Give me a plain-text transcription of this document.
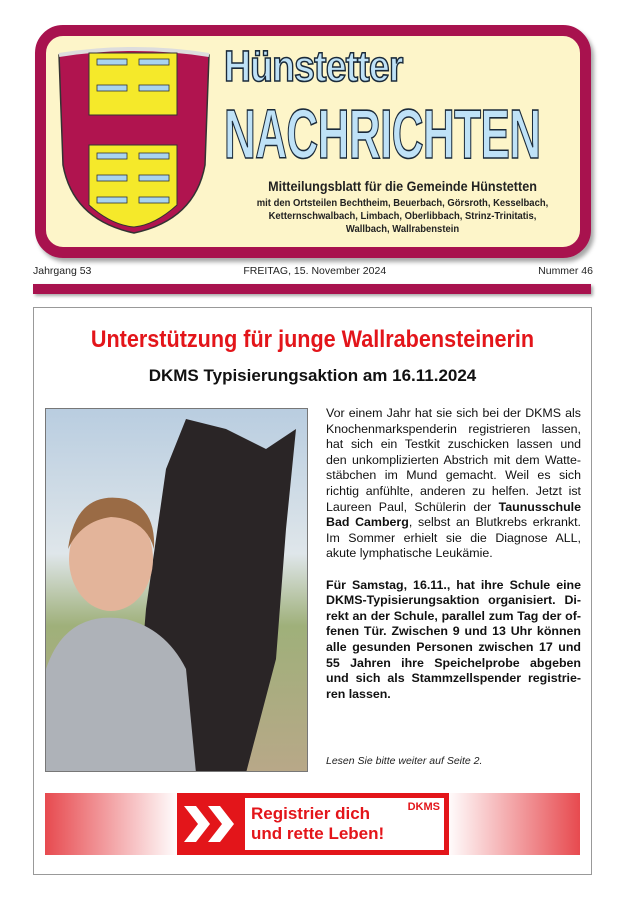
Hünstetter
NACHRICHTEN
Mitteilungsblatt für die Gemeinde Hünstetten
mit den Ortsteilen Bechtheim, Beuerbach, Görsroth, Kesselbach,
Ketternschwalbach, Limbach, Oberlibbach, Strinz-Trinitatis,
Wallbach, Wallrabenstein
Jahrgang 53	FREITAG, 15. November 2024	Nummer 46
Unterstützung für junge Wallrabensteinerin
DKMS Typisierungsaktion am 16.11.2024
Vor einem Jahr hat sie sich bei der DKMS als
Knochenmarkspenderin registrieren lassen,
hat sich ein Testkit zuschicken lassen und
den unkomplizierten Abstrich mit dem Watte-
stäbchen im Mund gemacht. Weil es sich
richtig anfühlte, anderen zu helfen. Jetzt ist
Laureen Paul, Schülerin der Taunusschule
Bad Camberg, selbst an Blutkrebs erkrankt.
Im Sommer erhielt sie die Diagnose ALL,
akute lymphatische Leukämie.
Für Samstag, 16.11., hat ihre Schule eine
DKMS-Typisierungsaktion organisiert. Di-
rekt an der Schule, parallel zum Tag der of-
fenen Tür. Zwischen 9 und 13 Uhr können
alle gesunden Personen zwischen 17 und
55 Jahren ihre Speichelprobe abgeben
und sich als Stammzellspender registrie-
ren lassen.
Lesen Sie bitte weiter auf Seite 2.
Registrier dich
und rette Leben!
DKMS
